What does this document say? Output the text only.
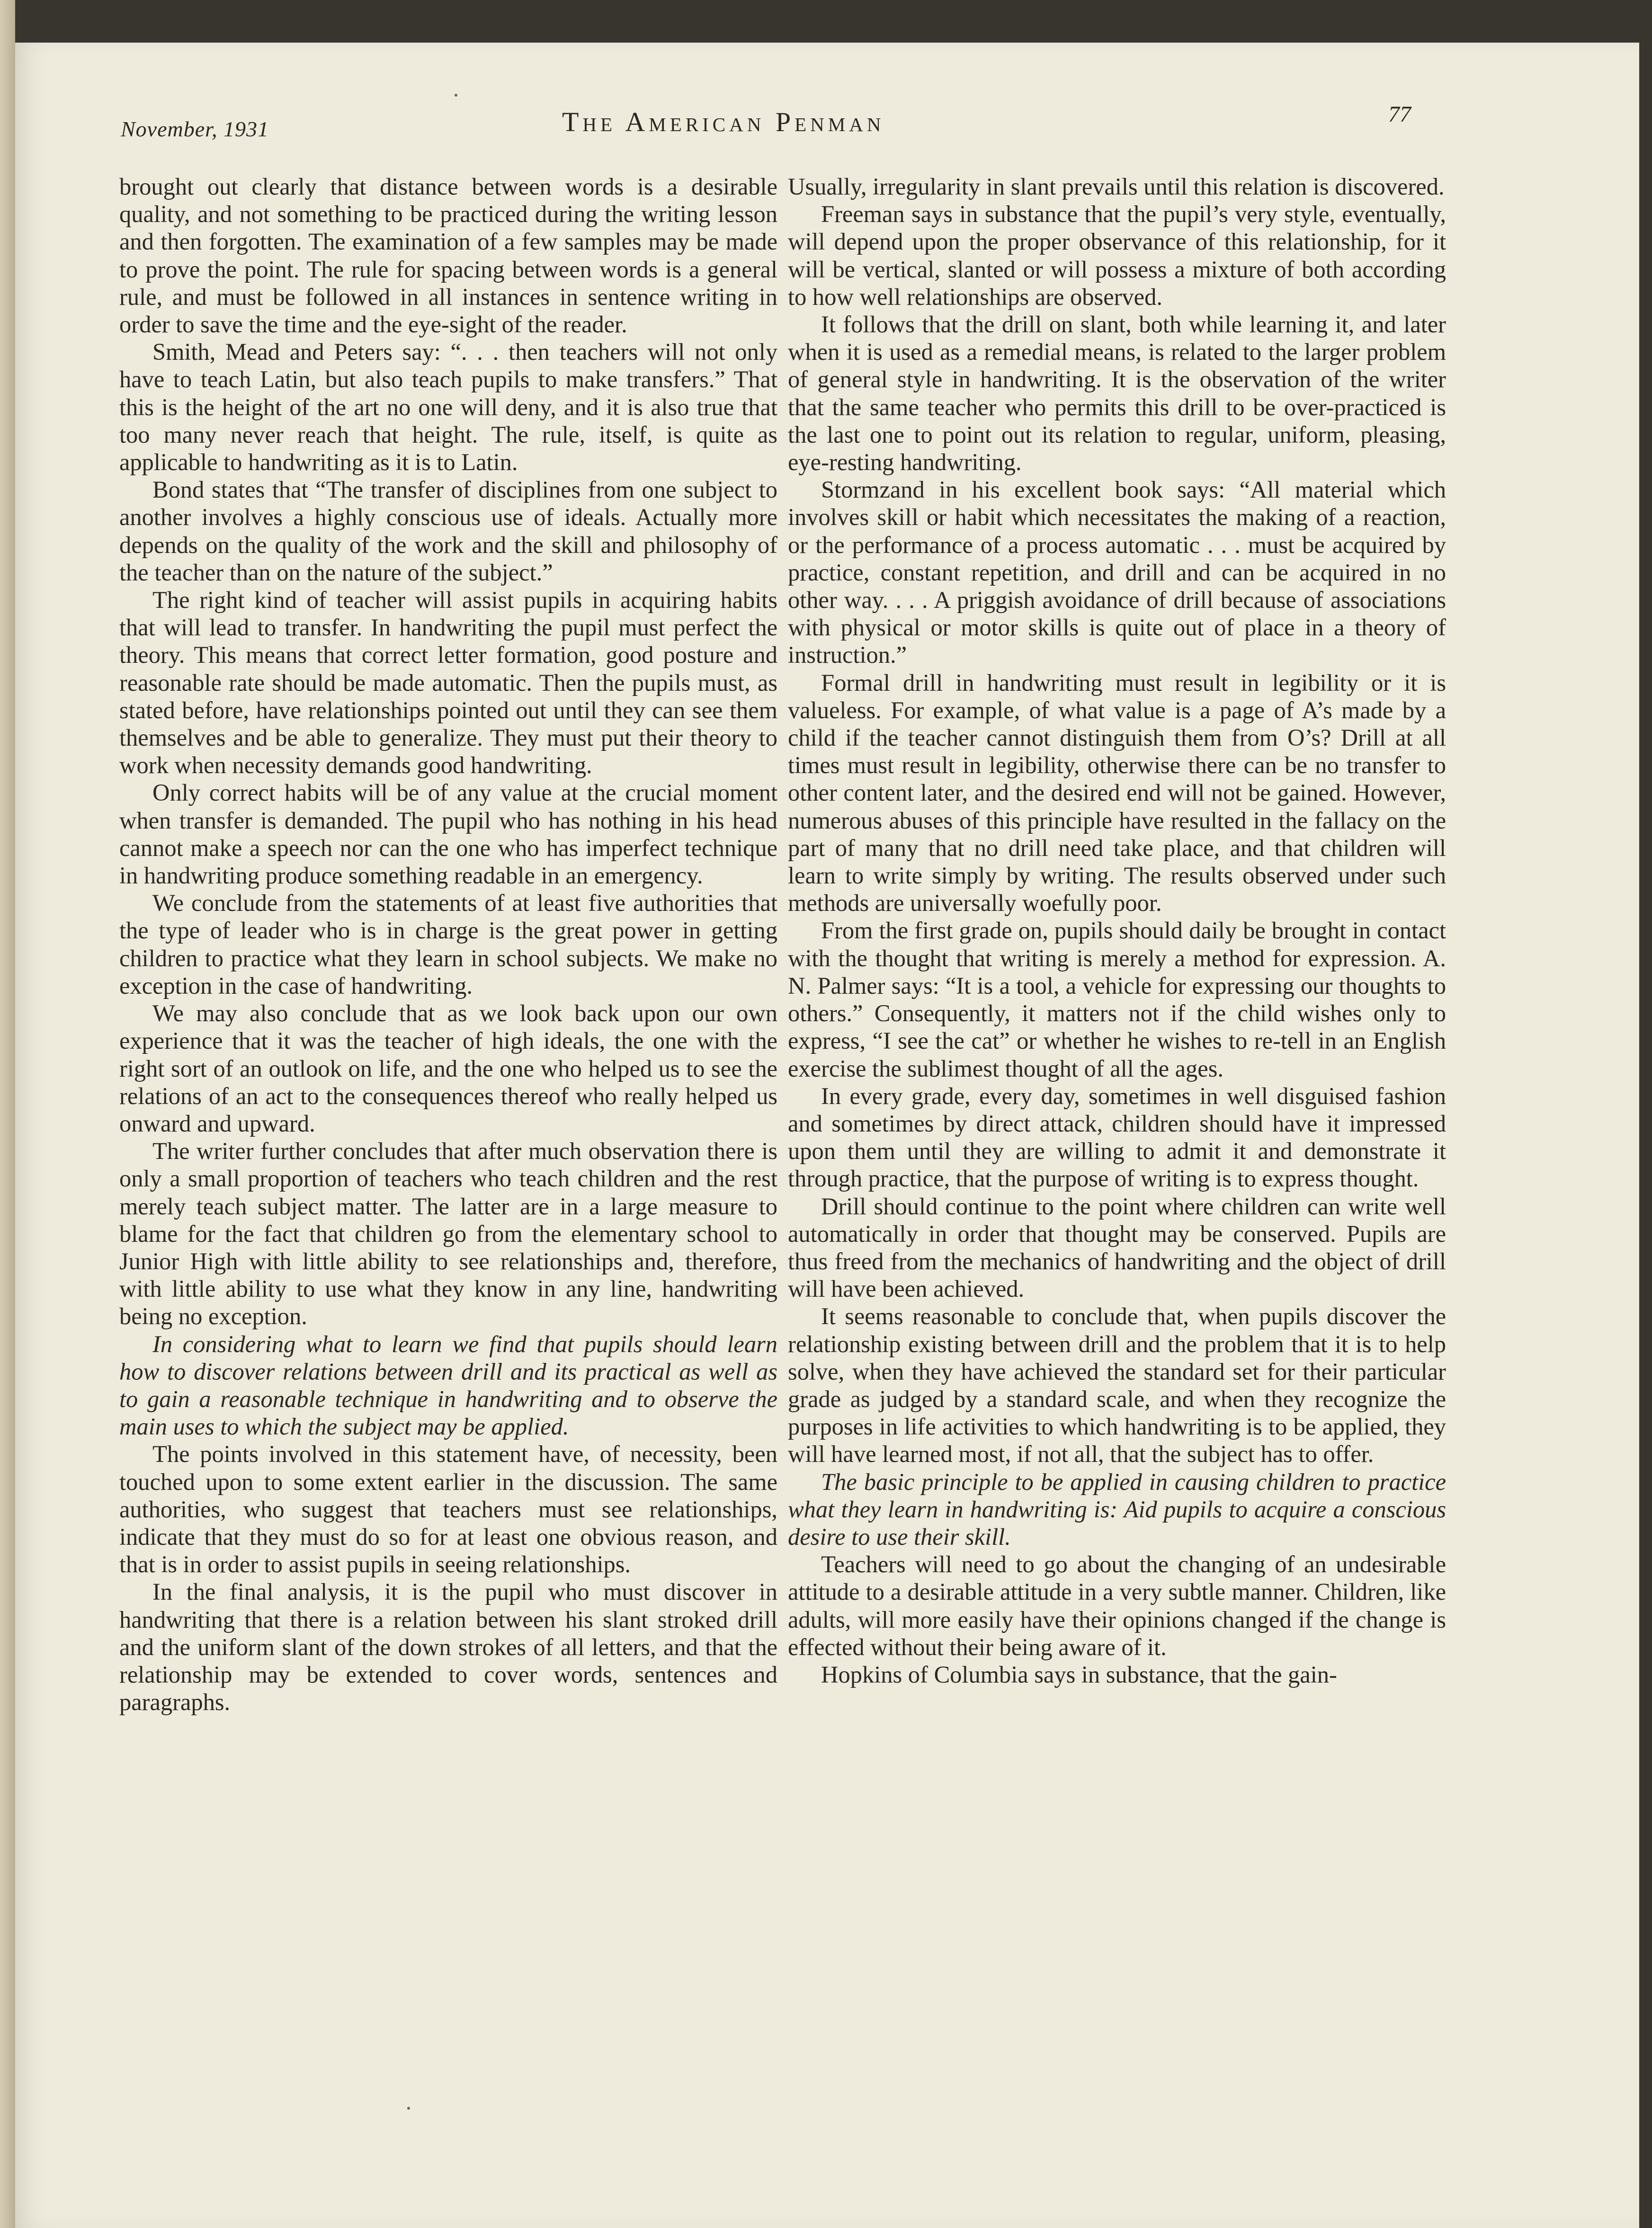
November, 1931	The American Penman	77

brought out clearly that distance between words is a desirable quality, and not something to be practiced during the writing lesson and then forgotten. The examination of a few samples may be made to prove the point. The rule for spacing between words is a general rule, and must be followed in all instances in sentence writing in order to save the time and the eye-sight of the reader.

Smith, Mead and Peters say: “. . . then teachers will not only have to teach Latin, but also teach pupils to make transfers.” That this is the height of the art no one will deny, and it is also true that too many never reach that height. The rule, itself, is quite as applicable to handwriting as it is to Latin.

Bond states that “The transfer of disciplines from one subject to another involves a highly conscious use of ideals. Actually more depends on the quality of the work and the skill and philosophy of the teacher than on the nature of the subject.”

The right kind of teacher will assist pupils in acquiring habits that will lead to transfer. In handwriting the pupil must perfect the theory. This means that correct letter formation, good posture and reasonable rate should be made automatic. Then the pupils must, as stated before, have relationships pointed out until they can see them themselves and be able to generalize. They must put their theory to work when necessity demands good handwriting.

Only correct habits will be of any value at the crucial moment when transfer is demanded. The pupil who has nothing in his head cannot make a speech nor can the one who has imperfect technique in handwriting produce something readable in an emergency.

We conclude from the statements of at least five authorities that the type of leader who is in charge is the great power in getting children to practice what they learn in school subjects. We make no exception in the case of handwriting.

We may also conclude that as we look back upon our own experience that it was the teacher of high ideals, the one with the right sort of an outlook on life, and the one who helped us to see the relations of an act to the consequences thereof who really helped us onward and upward.

The writer further concludes that after much observation there is only a small proportion of teachers who teach children and the rest merely teach subject matter. The latter are in a large measure to blame for the fact that children go from the elementary school to Junior High with little ability to see relationships and, therefore, with little ability to use what they know in any line, handwriting being no exception.

In considering what to learn we find that pupils should learn how to discover relations between drill and its practical as well as to gain a reasonable technique in handwriting and to observe the main uses to which the subject may be applied.

The points involved in this statement have, of necessity, been touched upon to some extent earlier in the discussion. The same authorities, who suggest that teachers must see relationships, indicate that they must do so for at least one obvious reason, and that is in order to assist pupils in seeing relationships.

In the final analysis, it is the pupil who must discover in handwriting that there is a relation between his slant stroked drill and the uniform slant of the down strokes of all letters, and that the relationship may be extended to cover words, sentences and paragraphs.

Usually, irregularity in slant prevails until this relation is discovered.

Freeman says in substance that the pupil’s very style, eventually, will depend upon the proper observance of this relationship, for it will be vertical, slanted or will possess a mixture of both according to how well relationships are observed.

It follows that the drill on slant, both while learning it, and later when it is used as a remedial means, is related to the larger problem of general style in handwriting. It is the observation of the writer that the same teacher who permits this drill to be over-practiced is the last one to point out its relation to regular, uniform, pleasing, eye-resting handwriting.

Stormzand in his excellent book says: “All material which involves skill or habit which necessitates the making of a reaction, or the performance of a process automatic . . . must be acquired by practice, constant repetition, and drill and can be acquired in no other way. . . . A priggish avoidance of drill because of associations with physical or motor skills is quite out of place in a theory of instruction.”

Formal drill in handwriting must result in legibility or it is valueless. For example, of what value is a page of A’s made by a child if the teacher cannot distinguish them from O’s? Drill at all times must result in legibility, otherwise there can be no transfer to other content later, and the desired end will not be gained. However, numerous abuses of this principle have resulted in the fallacy on the part of many that no drill need take place, and that children will learn to write simply by writing. The results observed under such methods are universally woefully poor.

From the first grade on, pupils should daily be brought in contact with the thought that writing is merely a method for expression. A. N. Palmer says: “It is a tool, a vehicle for expressing our thoughts to others.” Consequently, it matters not if the child wishes only to express, “I see the cat” or whether he wishes to re-tell in an English exercise the sublimest thought of all the ages.

In every grade, every day, sometimes in well disguised fashion and sometimes by direct attack, children should have it impressed upon them until they are willing to admit it and demonstrate it through practice, that the purpose of writing is to express thought.

Drill should continue to the point where children can write well automatically in order that thought may be conserved. Pupils are thus freed from the mechanics of handwriting and the object of drill will have been achieved.

It seems reasonable to conclude that, when pupils discover the relationship existing between drill and the problem that it is to help solve, when they have achieved the standard set for their particular grade as judged by a standard scale, and when they recognize the purposes in life activities to which handwriting is to be applied, they will have learned most, if not all, that the subject has to offer.

The basic principle to be applied in causing children to practice what they learn in handwriting is: Aid pupils to acquire a conscious desire to use their skill.

Teachers will need to go about the changing of an undesirable attitude to a desirable attitude in a very subtle manner. Children, like adults, will more easily have their opinions changed if the change is effected without their being aware of it.

Hopkins of Columbia says in substance, that the gain-
